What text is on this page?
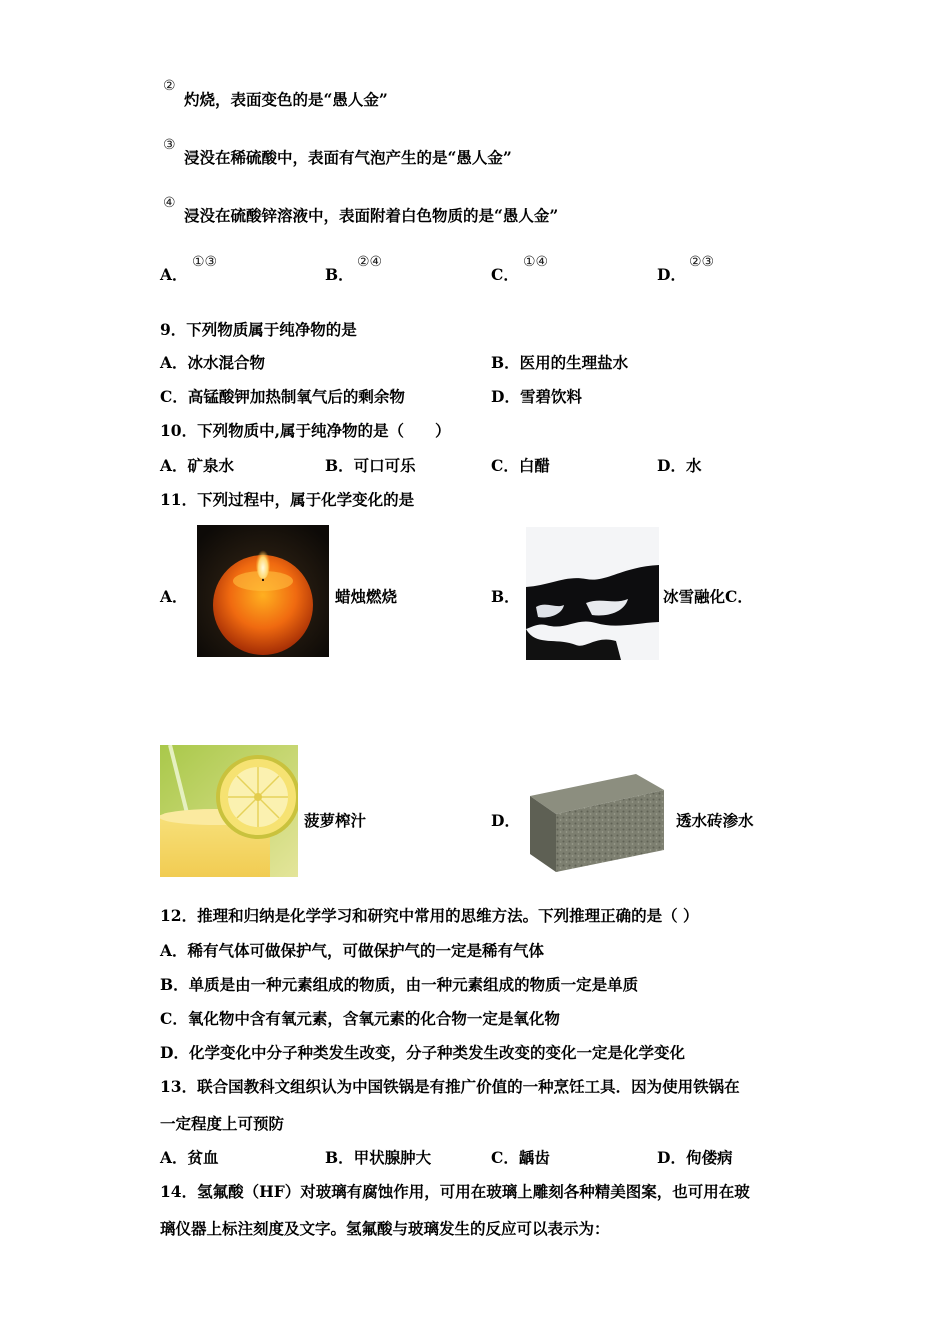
②
灼烧，表面变色的是“愚人金”
③
浸没在稀硫酸中，表面有气泡产生的是“愚人金”
④
浸没在硫酸锌溶液中，表面附着白色物质的是“愚人金”
A．
①③
B．
②④
C．
①④
D．
②③
9．下列物质属于纯净物的是
A．冰水混合物	B．医用的生理盐水
C．高锰酸钾加热制氧气后的剩余物	D．雪碧饮料
10．下列物质中,属于纯净物的是（　　）
A．矿泉水	B．可口可乐	C．白醋	D．水
11．下列过程中，属于化学变化的是
A．	蜡烛燃烧	B．	冰雪融化C．
菠萝榨汁	D．	透水砖渗水
12．推理和归纳是化学学习和研究中常用的思维方法。下列推理正确的是（ ）
A．稀有气体可做保护气，可做保护气的一定是稀有气体
B．单质是由一种元素组成的物质，由一种元素组成的物质一定是单质
C．氧化物中含有氧元素，含氧元素的化合物一定是氧化物
D．化学变化中分子种类发生改变，分子种类发生改变的变化一定是化学变化
13．联合国教科文组织认为中国铁锅是有推广价值的一种烹饪工具．因为使用铁锅在
一定程度上可预防
A．贫血	B．甲状腺肿大	C．龋齿	D．佝偻病
14．氢氟酸（HF）对玻璃有腐蚀作用，可用在玻璃上雕刻各种精美图案，也可用在玻
璃仪器上标注刻度及文字。氢氟酸与玻璃发生的反应可以表示为：
